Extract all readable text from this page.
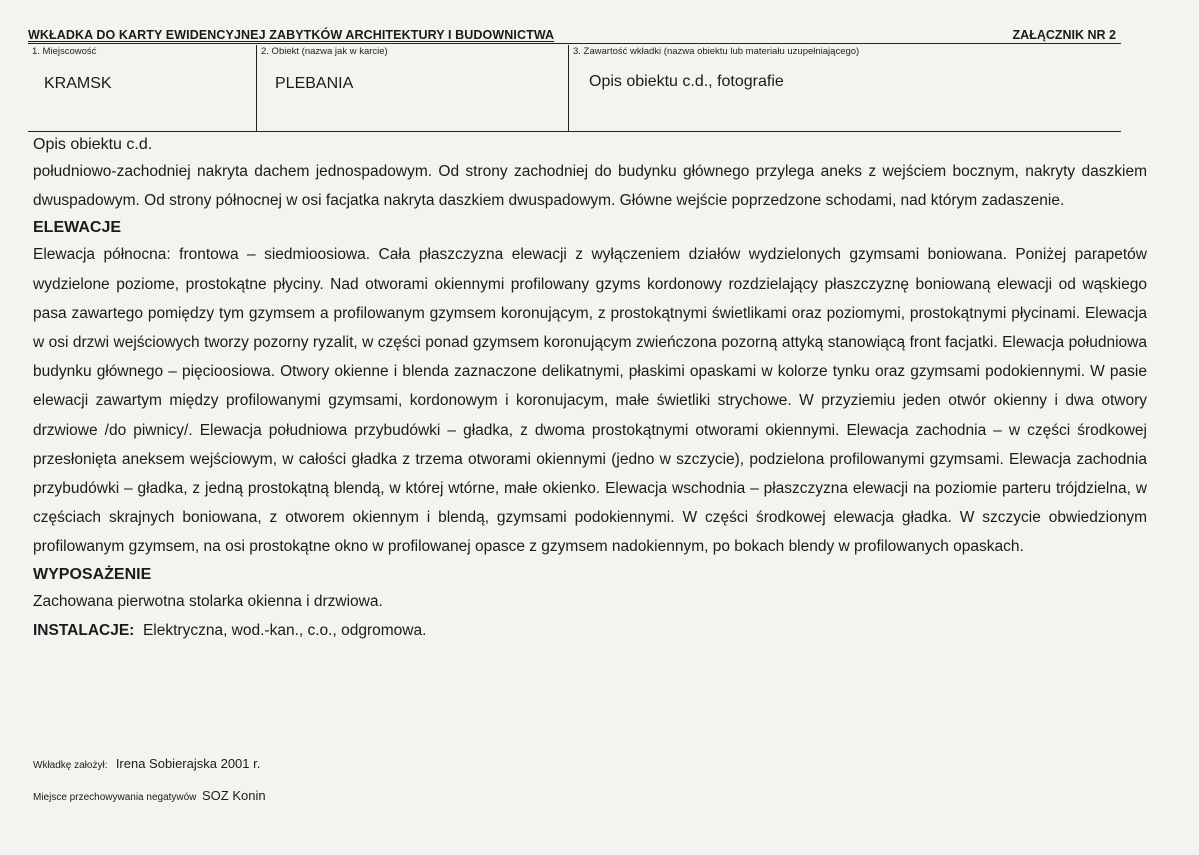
WKŁADKA DO KARTY EWIDENCYJNEJ ZABYTKÓW ARCHITEKTURY I BUDOWNICTWA	ZAŁĄCZNIK NR 2
1. Miejscowość
KRAMSK
2. Obiekt (nazwa jak w karcie)
PLEBANIA
3. Zawartość wkładki (nazwa obiektu lub materiału uzupełniającego)
Opis obiektu c.d., fotografie

Opis obiektu c.d.

południowo-zachodniej nakryta dachem jednospadowym. Od strony zachodniej do budynku głównego przylega aneks z wejściem bocznym, nakryty daszkiem dwuspadowym. Od strony północnej w osi facjatka nakryta daszkiem dwuspadowym. Główne wejście poprzedzone schodami, nad którym zadaszenie.

ELEWACJE

Elewacja północna: frontowa – siedmioosiowa. Cała płaszczyzna elewacji z wyłączeniem działów wydzielonych gzymsami boniowana. Poniżej parapetów wydzielone poziome, prostokątne płyciny. Nad otworami okiennymi profilowany gzyms kordonowy rozdzielający płaszczyznę boniowaną elewacji od wąskiego pasa zawartego pomiędzy tym gzymsem a profilowanym gzymsem koronującym, z prostokątnymi świetlikami oraz poziomymi, prostokątnymi płycinami. Elewacja w osi drzwi wejściowych tworzy pozorny ryzalit, w części ponad gzymsem koronującym zwieńczona pozorną attyką stanowiącą front facjatki. Elewacja południowa budynku głównego – pięcioosiowa. Otwory okienne i blenda zaznaczone delikatnymi, płaskimi opaskami w kolorze tynku oraz gzymsami podokiennymi. W pasie elewacji zawartym między profilowanymi gzymsami, kordonowym i koronujacym, małe świetliki strychowe. W przyziemiu jeden otwór okienny i dwa otwory drzwiowe /do piwnicy/. Elewacja południowa przybudówki – gładka, z dwoma prostokątnymi otworami okiennymi. Elewacja zachodnia – w części środkowej przesłonięta aneksem wejściowym, w całości gładka z trzema otworami okiennymi (jedno w szczycie), podzielona profilowanymi gzymsami. Elewacja zachodnia przybudówki – gładka, z jedną prostokątną blendą, w której wtórne, małe okienko. Elewacja wschodnia – płaszczyzna elewacji na poziomie parteru trójdzielna, w częściach skrajnych boniowana, z otworem okiennym i blendą, gzymsami podokiennymi. W części środkowej elewacja gładka. W szczycie obwiedzionym profilowanym gzymsem, na osi prostokątne okno w profilowanej opasce z gzymsem nadokiennym, po bokach blendy w profilowanych opaskach.

WYPOSAŻENIE

Zachowana pierwotna stolarka okienna i drzwiowa.

INSTALACJE: Elektryczna, wod.-kan., c.o., odgromowa.

Wkładkę założył: Irena Sobierajska 2001 r.
Miejsce przechowywania negatywów SOZ Konin
